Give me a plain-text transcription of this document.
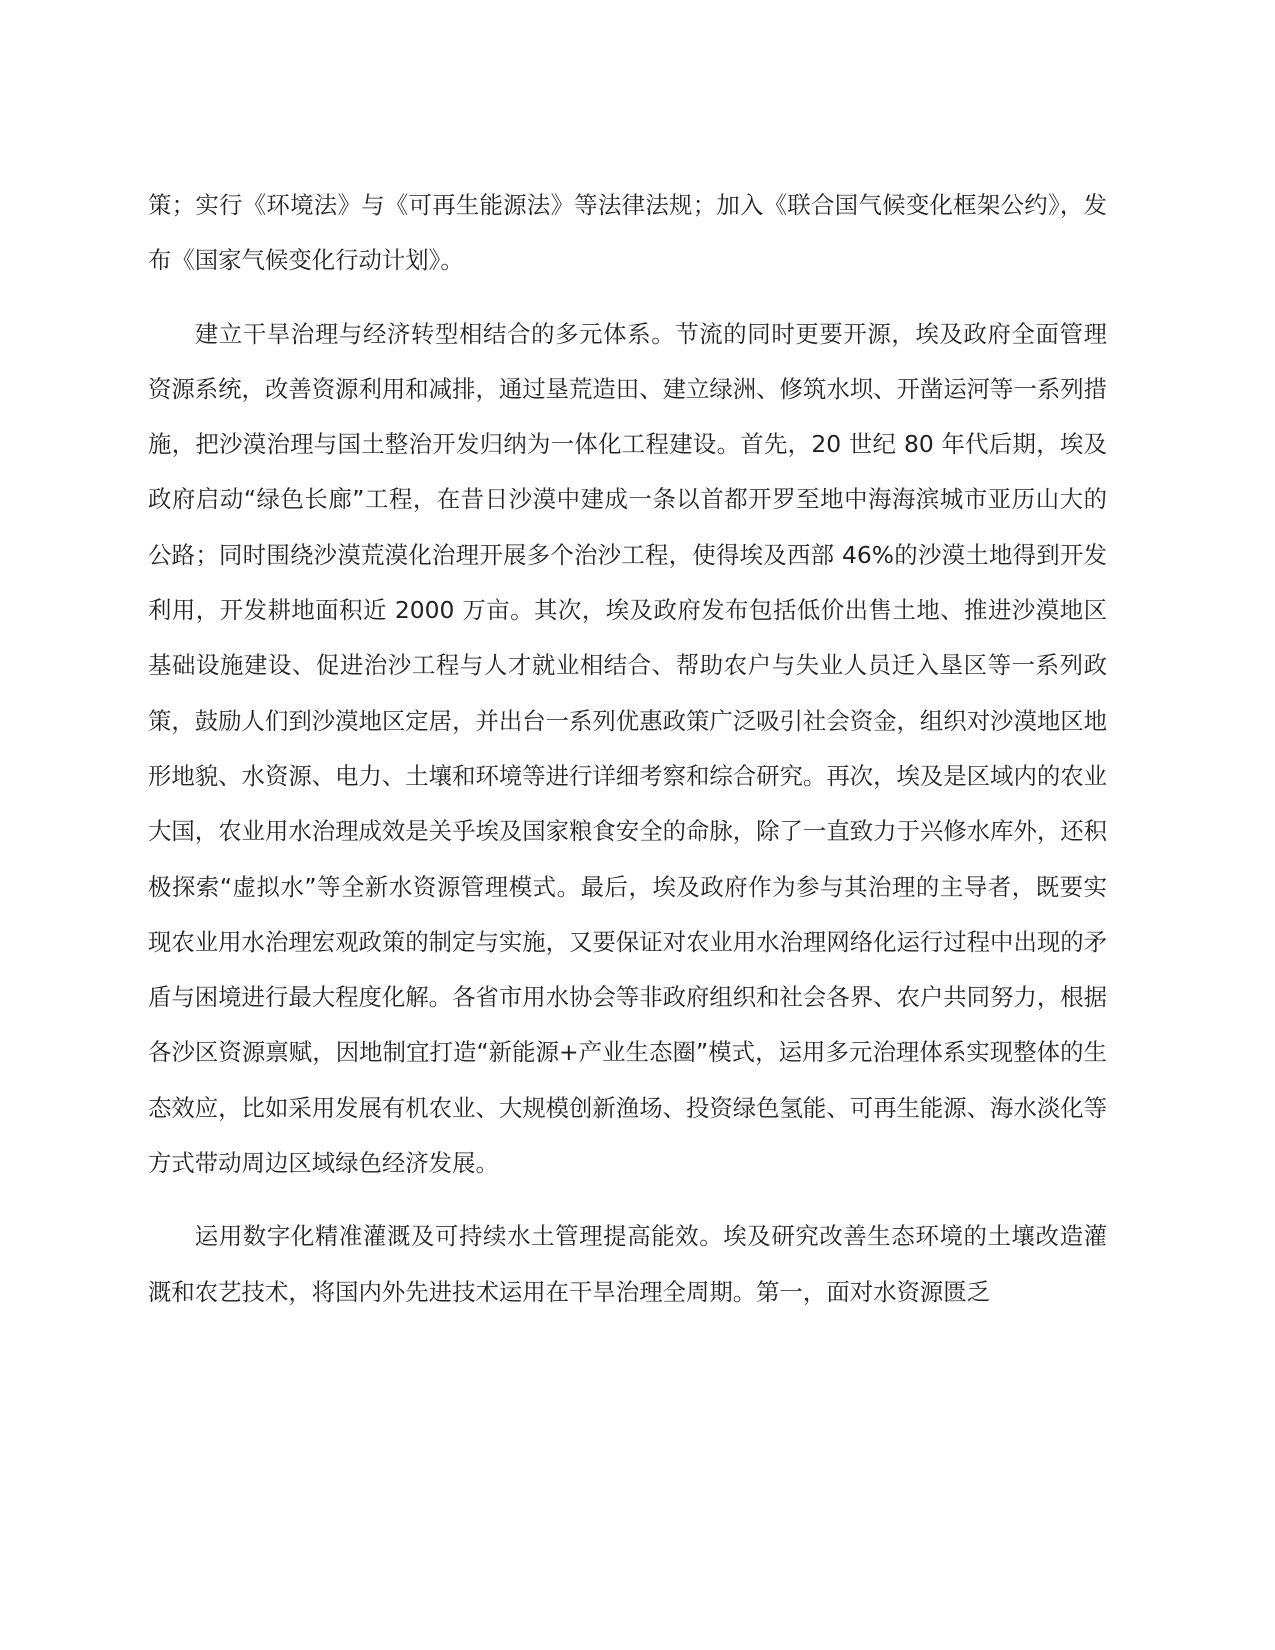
策；实行《环境法》与《可再生能源法》等法律法规；加入《联合国气候变化框架公约》，发布《国家气候变化行动计划》。

建立干旱治理与经济转型相结合的多元体系。节流的同时更要开源，埃及政府全面管理资源系统，改善资源利用和减排，通过垦荒造田、建立绿洲、修筑水坝、开凿运河等一系列措施，把沙漠治理与国土整治开发归纳为一体化工程建设。首先，20 世纪 80 年代后期，埃及政府启动“绿色长廊”工程，在昔日沙漠中建成一条以首都开罗至地中海海滨城市亚历山大的公路；同时围绕沙漠荒漠化治理开展多个治沙工程，使得埃及西部 46%的沙漠土地得到开发利用，开发耕地面积近 2000 万亩。其次，埃及政府发布包括低价出售土地、推进沙漠地区基础设施建设、促进治沙工程与人才就业相结合、帮助农户与失业人员迁入垦区等一系列政策，鼓励人们到沙漠地区定居，并出台一系列优惠政策广泛吸引社会资金，组织对沙漠地区地形地貌、水资源、电力、土壤和环境等进行详细考察和综合研究。再次，埃及是区域内的农业大国，农业用水治理成效是关乎埃及国家粮食安全的命脉，除了一直致力于兴修水库外，还积极探索“虚拟水”等全新水资源管理模式。最后，埃及政府作为参与其治理的主导者，既要实现农业用水治理宏观政策的制定与实施，又要保证对农业用水治理网络化运行过程中出现的矛盾与困境进行最大程度化解。各省市用水协会等非政府组织和社会各界、农户共同努力，根据各沙区资源禀赋，因地制宜打造“新能源+产业生态圈”模式，运用多元治理体系实现整体的生态效应，比如采用发展有机农业、大规模创新渔场、投资绿色氢能、可再生能源、海水淡化等方式带动周边区域绿色经济发展。

运用数字化精准灌溉及可持续水土管理提高能效。埃及研究改善生态环境的土壤改造灌溉和农艺技术，将国内外先进技术运用在干旱治理全周期。第一，面对水资源匮乏
